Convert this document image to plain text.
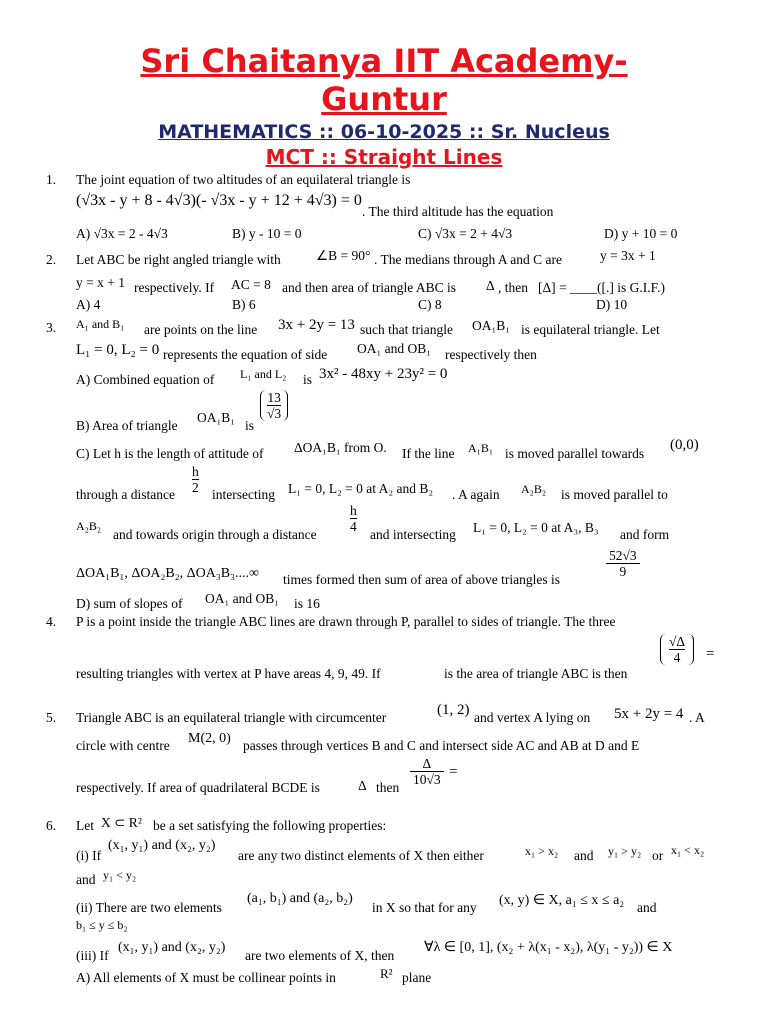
Sri Chaitanya IIT Academy-
Guntur
MATHEMATICS :: 06-10-2025 :: Sr. Nucleus
MCT :: Straight Lines
1. The joint equation of two altitudes of an equilateral triangle is
(√3x - y + 8 - 4√3)(- √3x - y + 12 + 4√3) = 0
. The third altitude has the equation
A) √3x = 2 - 4√3	B) y - 10 = 0	C) √3x = 2 + 4√3	D) y + 10 = 0
2. Let ABC be right angled triangle with	∠B = 90° . The medians through A and C are	y = 3x + 1
y = x + 1 respectively. If AC = 8 and then area of triangle ABC is Δ , then [Δ] = ____([.] is G.I.F.)
A) 4	B) 6	C) 8	D) 10
3. A₁ and B₁ are points on the line 3x + 2y = 13 such that triangle OA₁B₁ is equilateral triangle. Let
L₁ = 0, L₂ = 0 represents the equation of side OA₁ and OB₁ respectively then
A) Combined equation of L₁ and L₂ is 3x² - 48xy + 23y² = 0
B) Area of triangle
OA₁B₁
is
$\frac{13}{√3}$
C) Let h is the length of attitude of ΔOA₁B₁ from O. If the line A₁B₁ is moved parallel towards
(0,0)
through a distance $\frac{h}{2}$ intersecting L₁ = 0, L₂ = 0 at A₂ and B₂ . A again A₂B₂ is moved parallel to
A₂B₂
and towards origin through a distance
$\frac{h}{4}$
and intersecting L₁ = 0, L₂ = 0 at A₃, B₃ and form
ΔOA₁B₁, ΔOA₂B₂, ΔOA₃B₃....∞ times formed then sum of area of above triangles is
$\frac{52√3}{9}$
D) sum of slopes of OA₁ and OB₁ is 16
4. P is a point inside the triangle ABC lines are drawn through P, parallel to sides of triangle. The three
resulting triangles with vertex at P have areas 4, 9, 49. If	is the area of triangle ABC is then
$\frac{√\Delta}{4}$ =
5. Triangle ABC is an equilateral triangle with circumcenter	(1, 2) and vertex A lying on 5x + 2y = 4 . A
circle with centre M(2, 0) passes through vertices B and C and intersect side AC and AB at D and E
respectively. If area of quadrilateral BCDE is	Δ then
$\frac{\Delta}{10√3}$ =
6. Let X ⊂ R² be a set satisfying the following properties:
(i) If
(x₁, y₁) and (x₂, y₂)
are any two distinct elements of X then either	x₁ > x₂ and y₁ > y₂ or x₁ < x₂
and y₁ < y₂
(ii) There are two elements
(a₁, b₁) and (a₂, b₂)
in X so that for any (x, y) ∈ X, a₁ ≤ x ≤ a₂ and
b₁ ≤ y ≤ b₂
(iii) If
(x₁, y₁) and (x₂, y₂)
are two elements of X, then
∀λ ∈ [0, 1], (x₂ + λ(x₁ - x₂), λ(y₁ - y₂)) ∈ X
A) All elements of X must be collinear points in	R² plane
